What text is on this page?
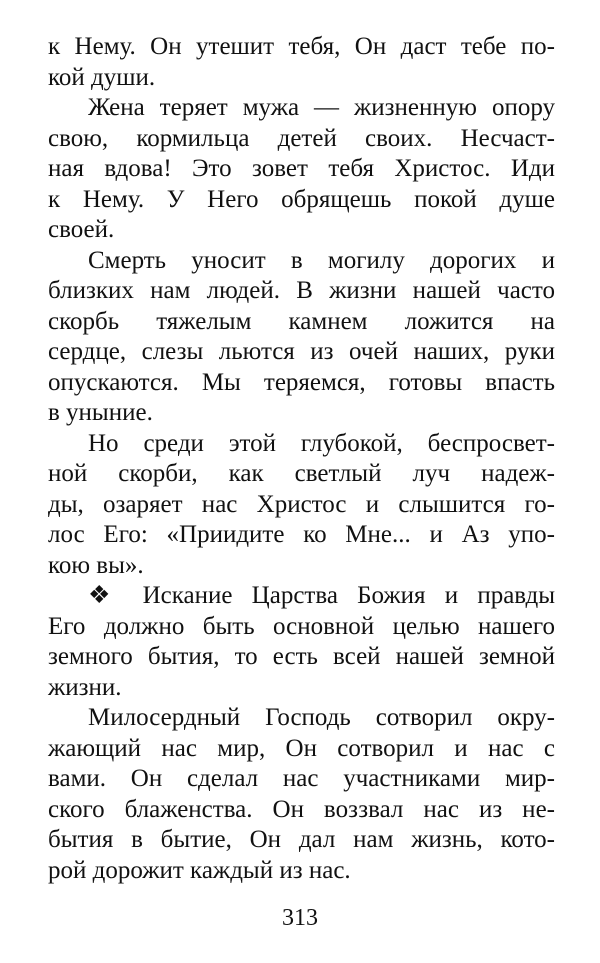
к Нему. Он утешит тебя, Он даст тебе по-
кой души.
Жена теряет мужа — жизненную опору
свою, кормильца детей своих. Несчаст-
ная вдова! Это зовет тебя Христос. Иди
к Нему. У Него обрящешь покой душе
своей.
Смерть уносит в могилу дорогих и
близких нам людей. В жизни нашей часто
скорбь тяжелым камнем ложится на
сердце, слезы льются из очей наших, руки
опускаются. Мы теряемся, готовы впасть
в уныние.
Но среди этой глубокой, беспросвет-
ной скорби, как светлый луч надеж-
ды, озаряет нас Христос и слышится го-
лос Его: «Приидите ко Мне... и Аз упо-
кою вы».
❖ Искание Царства Божия и правды
Его должно быть основной целью нашего
земного бытия, то есть всей нашей земной
жизни.
Милосердный Господь сотворил окру-
жающий нас мир, Он сотворил и нас с
вами. Он сделал нас участниками мир-
ского блаженства. Он воззвал нас из не-
бытия в бытие, Он дал нам жизнь, кото-
рой дорожит каждый из нас.
313
